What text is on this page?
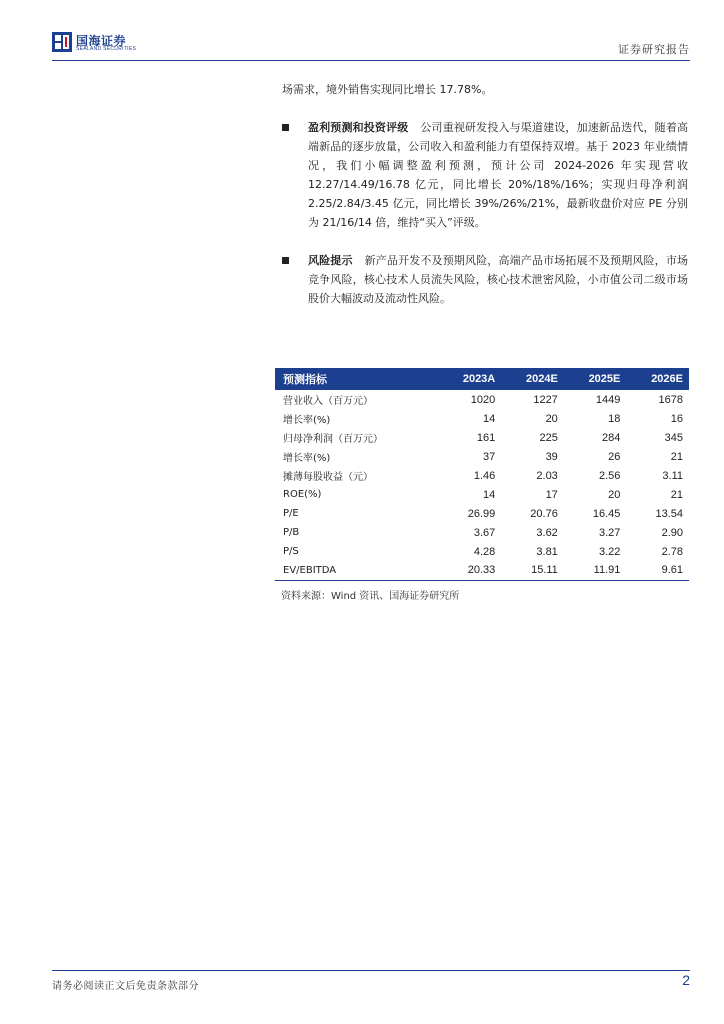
国海证券
SEALAND SECURITIES	证券研究报告

场需求，境外销售实现同比增长 17.78%。

盈利预测和投资评级 公司重视研发投入与渠道建设，加速新品迭代，随着高端新品的逐步放量，公司收入和盈利能力有望保持双增。基于 2023 年业绩情况，我们小幅调整盈利预测，预计公司 2024-2026 年实现营收 12.27/14.49/16.78 亿元，同比增长 20%/18%/16%；实现归母净利润 2.25/2.84/3.45 亿元，同比增长 39%/26%/21%，最新收盘价对应 PE 分别为 21/16/14 倍，维持“买入”评级。

风险提示 新产品开发不及预期风险，高端产品市场拓展不及预期风险，市场竞争风险，核心技术人员流失风险，核心技术泄密风险，小市值公司二级市场股价大幅波动及流动性风险。

预测指标	2023A	2024E	2025E	2026E
营业收入（百万元）	1020	1227	1449	1678
增长率(%)	14	20	18	16
归母净利润（百万元）	161	225	284	345
增长率(%)	37	39	26	21
摊薄每股收益（元）	1.46	2.03	2.56	3.11
ROE(%)	14	17	20	21
P/E	26.99	20.76	16.45	13.54
P/B	3.67	3.62	3.27	2.90
P/S	4.28	3.81	3.22	2.78
EV/EBITDA	20.33	15.11	11.91	9.61

资料来源：Wind 资讯、国海证券研究所

请务必阅读正文后免责条款部分	2
